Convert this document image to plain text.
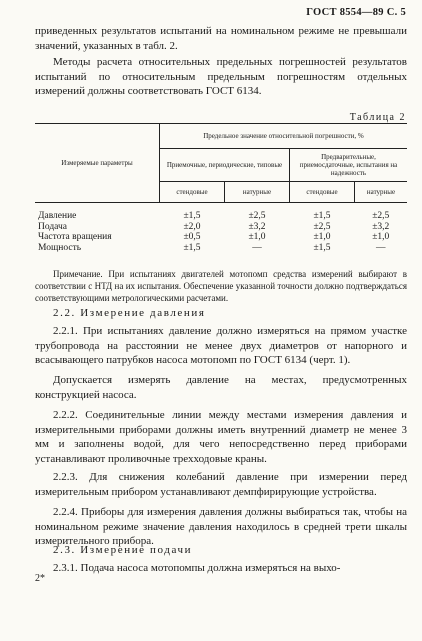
ГОСТ 8554—89 С. 5

приведенных результатов испытаний на номинальном режиме не превышали значений, указанных в табл. 2.

Методы расчета относительных предельных погрешностей результатов испытаний по относительным предельным погрешностям отдельных измерений должны соответствовать ГОСТ 6134.

Таблица 2
Измеряемые параметры	Предельное значение относительной погрешности, %			
	Приемочные, периодические, типовые		Предварительные, приемосдаточные, испытания на надежность	
	стендовые	натурные	стендовые	натурные
Давление	±1,5	±2,5	±1,5	±2,5
Подача	±2,0	±3,2	±2,5	±3,2
Частота вращения	±0,5	±1,0	±1,0	±1,0
Мощность	±1,5	—	±1,5	—

Примечание. При испытаниях двигателей мотопомп средства измерений выбирают в соответствии с НТД на их испытания. Обеспечение указанной точности должно подтверждаться соответствующими метрологическими расчетами.

2.2. Измерение давления

2.2.1. При испытаниях давление должно измеряться на прямом участке трубопровода на расстоянии не менее двух диаметров от напорного и всасывающего патрубков насоса мотопомп по ГОСТ 6134 (черт. 1).

Допускается измерять давление на местах, предусмотренных конструкцией насоса.

2.2.2. Соединительные линии между местами измерения давления и измерительными приборами должны иметь внутренний диаметр не менее 3 мм и заполнены водой, для чего непосредственно перед приборами устанавливают проливочные трехходовые краны.

2.2.3. Для снижения колебаний давление при измерении перед измерительным прибором устанавливают демпфирирующие устройства.

2.2.4. Приборы для измерения давления должны выбираться так, чтобы на номинальном режиме значение давления находилось в средней трети шкалы измерительного прибора.

2.3. Измерение подачи

2.3.1. Подача насоса мотопомпы должна измеряться на выхо-

2*
